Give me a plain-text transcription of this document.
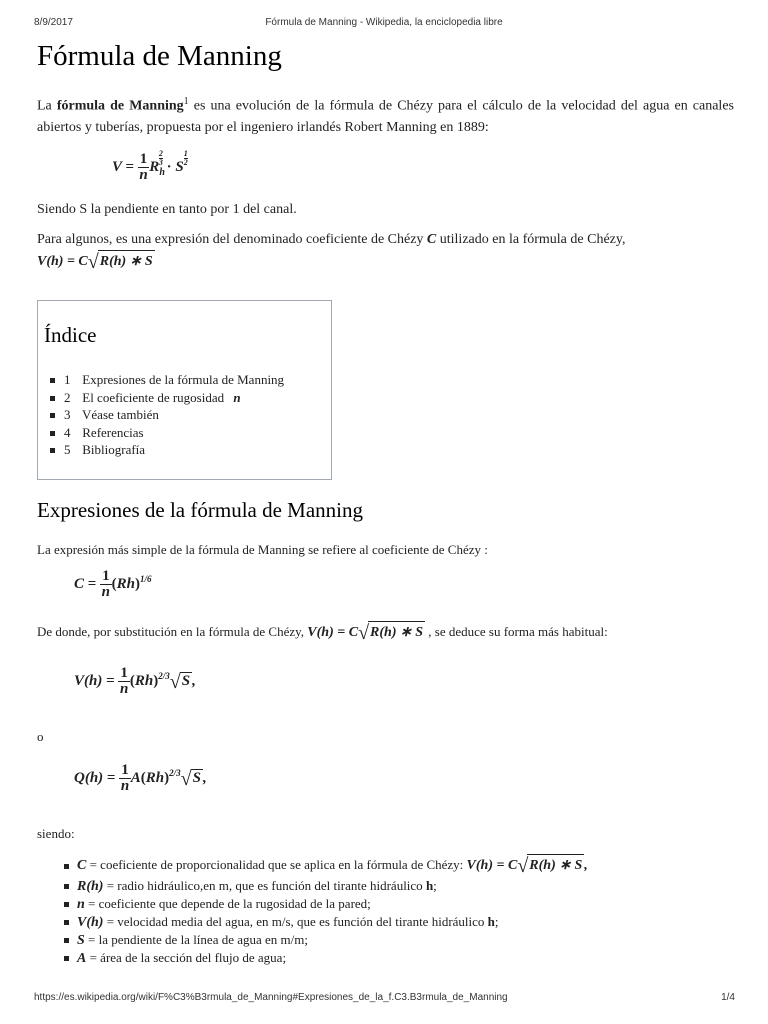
8/9/2017	Fórmula de Manning - Wikipedia, la enciclopedia libre
Fórmula de Manning

La fórmula de Manning$^1$ es una evolución de la fórmula de Chézy para el cálculo de la velocidad del agua en canales abiertos y tuberías, propuesta por el ingeniero irlandés Robert Manning en 1889:

$V = \frac{1}{n} R_h$
$\frac{2}{3} \cdot S \frac{1}{2}$

Siendo S la pendiente en tanto por 1 del canal.

Para algunos, es una expresión del denominado coeficiente de Chézy C utilizado en la fórmula de Chézy,
V(h) = C√R(h) ∗ S

Índice
1 Expresiones de la fórmula de Manning
2 El coeficiente de rugosidad n
3 Véase también
4 Referencias
5 Bibliografía
Expresiones de la fórmula de Manning

La expresión más simple de la fórmula de Manning se refiere al coeficiente de Chézy :

$C = \frac{1}{n} (Rh)^{1/6}$

De donde, por substitución en la fórmula de Chézy, V(h) = C√R(h) ∗ S , se deduce su forma más habitual:

$V(h) = \frac{1}{n} (Rh)^{2/3}√S$ ,

o

$Q(h) = \frac{1}{n} A(Rh)^{2/3}√S$ ,

siendo:

C = coeficiente de proporcionalidad que se aplica en la fórmula de Chézy: V(h) = C√R(h) ∗ S ,
R(h) = radio hidráulico,en m, que es función del tirante hidráulico h;
n = coeficiente que depende de la rugosidad de la pared;
V(h) = velocidad media del agua, en m/s, que es función del tirante hidráulico h;
S = la pendiente de la línea de agua en m/m;
A = área de la sección del flujo de agua;
https://es.wikipedia.org/wiki/F%C3%B3rmula_de_Manning#Expresiones_de_la_f.C3.B3rmula_de_Manning	1/4
